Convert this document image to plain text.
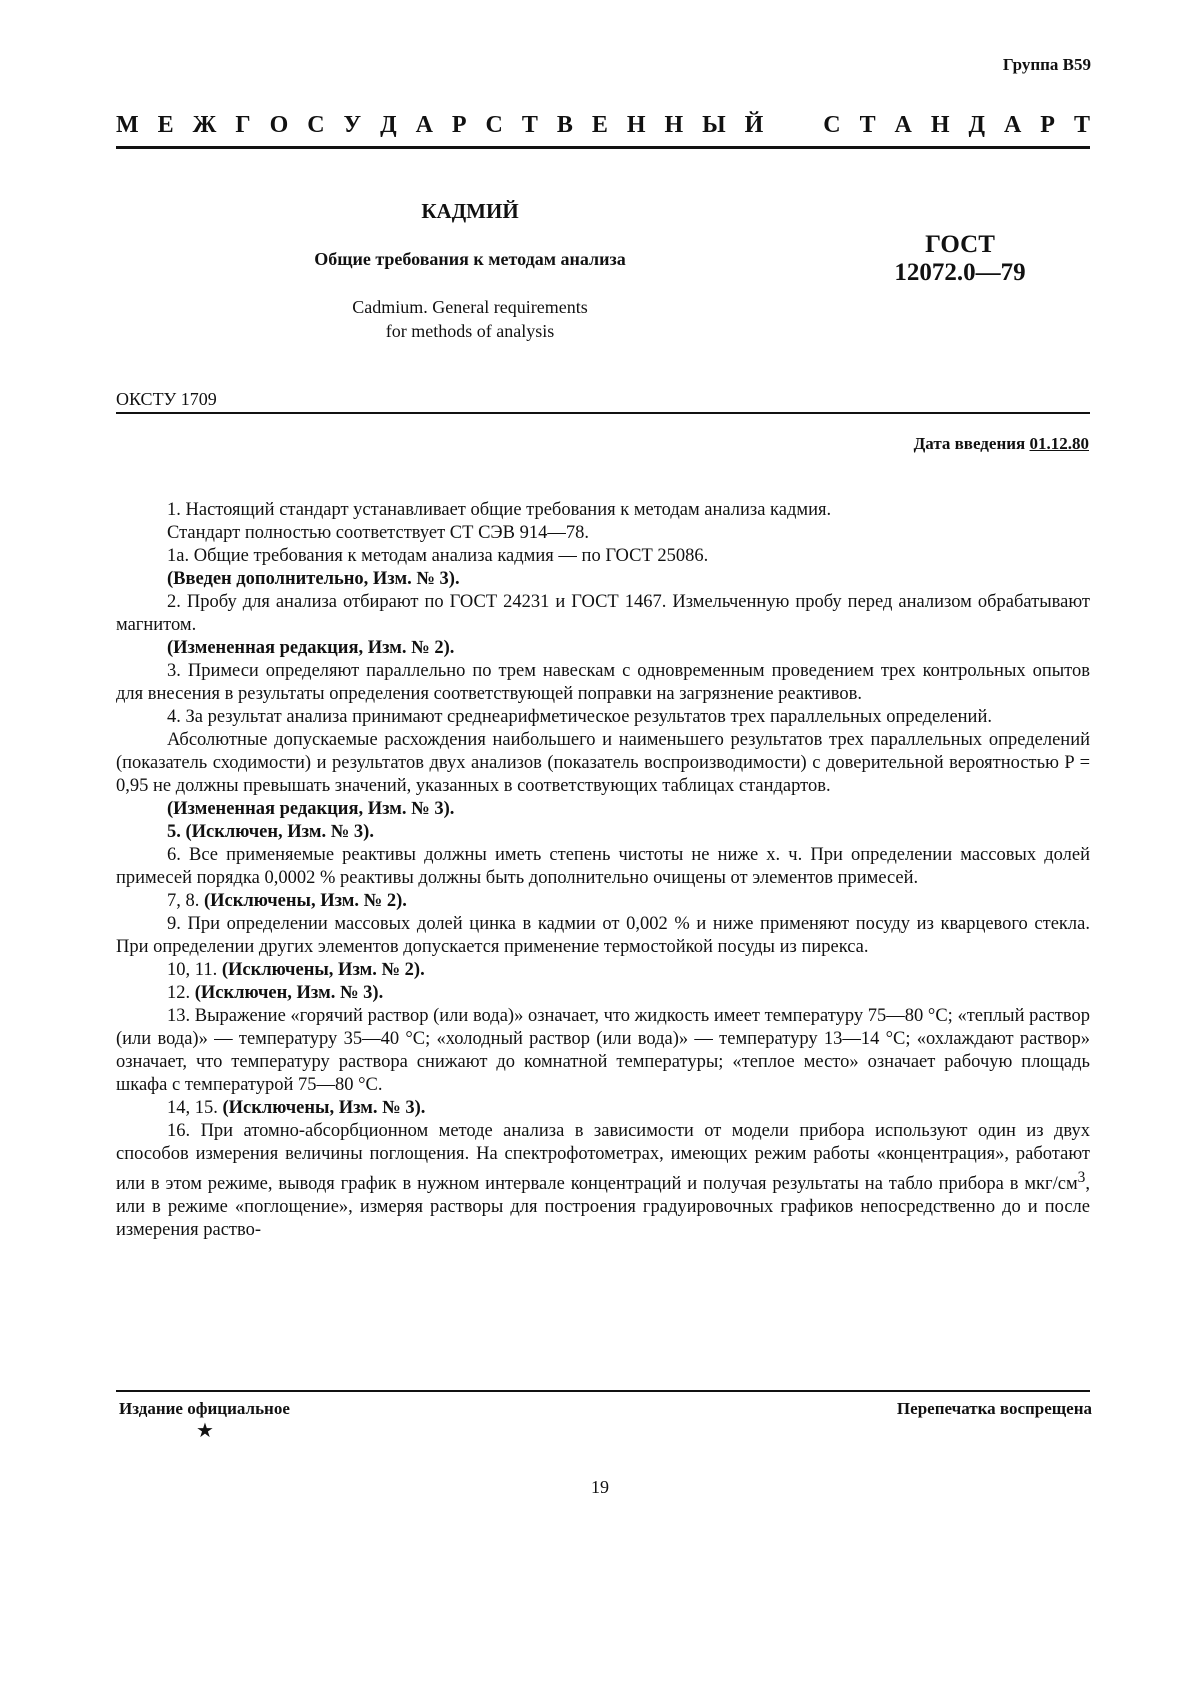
Группа В59
М Е Ж Г О С У Д А Р С Т В Е Н Н Ы Й С Т А Н Д А Р Т
КАДМИЙ
Общие требования к методам анализа
Cadmium. General requirements
for methods of analysis
ГОСТ
12072.0—79
ОКСТУ 1709
Дата введения 01.12.80

1. Настоящий стандарт устанавливает общие требования к методам анализа кадмия.

Стандарт полностью соответствует СТ СЭВ 914—78.

1а. Общие требования к методам анализа кадмия — по ГОСТ 25086.

(Введен дополнительно, Изм. № 3).

2. Пробу для анализа отбирают по ГОСТ 24231 и ГОСТ 1467. Измельченную пробу перед анализом обрабатывают магнитом.

(Измененная редакция, Изм. № 2).

3. Примеси определяют параллельно по трем навескам с одновременным проведением трех контрольных опытов для внесения в результаты определения соответствующей поправки на загрязнение реактивов.

4. За результат анализа принимают среднеарифметическое результатов трех параллельных определений.

Абсолютные допускаемые расхождения наибольшего и наименьшего результатов трех параллельных определений (показатель сходимости) и результатов двух анализов (показатель воспроизводимости) с доверительной вероятностью P = 0,95 не должны превышать значений, указанных в соответствующих таблицах стандартов.

(Измененная редакция, Изм. № 3).

5. (Исключен, Изм. № 3).

6. Все применяемые реактивы должны иметь степень чистоты не ниже х. ч. При определении массовых долей примесей порядка 0,0002 % реактивы должны быть дополнительно очищены от элементов примесей.

7, 8. (Исключены, Изм. № 2).

9. При определении массовых долей цинка в кадмии от 0,002 % и ниже применяют посуду из кварцевого стекла. При определении других элементов допускается применение термостойкой посуды из пирекса.

10, 11. (Исключены, Изм. № 2).

12. (Исключен, Изм. № 3).

13. Выражение «горячий раствор (или вода)» означает, что жидкость имеет температуру 75—80 °С; «теплый раствор (или вода)» — температуру 35—40 °С; «холодный раствор (или вода)» — температуру 13—14 °С; «охлаждают раствор» означает, что температуру раствора снижают до комнатной температуры; «теплое место» означает рабочую площадь шкафа с температурой 75—80 °С.

14, 15. (Исключены, Изм. № 3).

16. При атомно-абсорбционном методе анализа в зависимости от модели прибора используют один из двух способов измерения величины поглощения. На спектрофотометрах, имеющих режим работы «концентрация», работают или в этом режиме, выводя график в нужном интервале концентраций и получая результаты на табло прибора в мкг/$см^3$, или в режиме «поглощение», измеряя растворы для построения градуировочных графиков непосредственно до и после измерения раство-

Издание официальное
★
Перепечатка воспрещена
19
